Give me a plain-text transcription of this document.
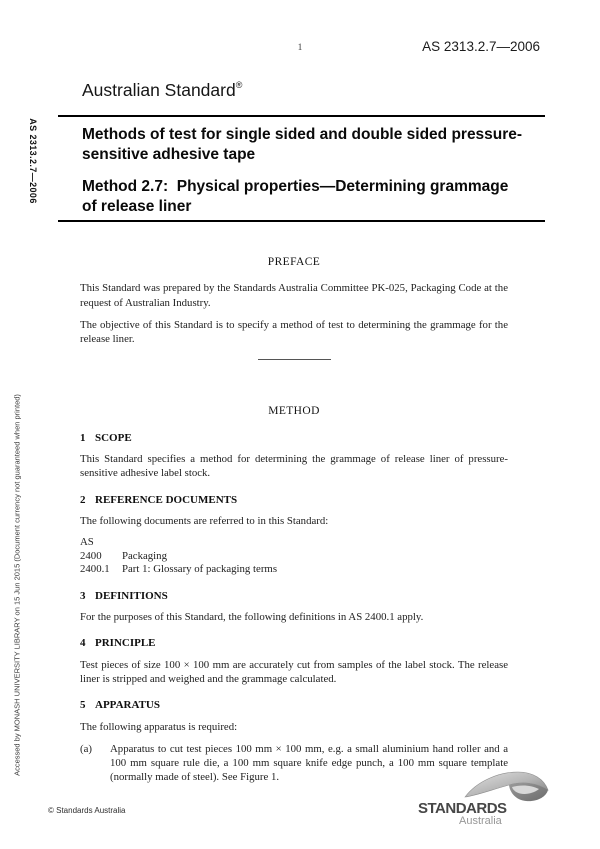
AS 2313.2.7—2006
Accessed by MONASH UNIVERSITY LIBRARY on 15 Jun 2015 (Document currency not guaranteed when printed)
1	AS 2313.2.7—2006
Australian Standard®

Methods of test for single sided and double sided pressure-sensitive adhesive tape

Method 2.7:  Physical properties—Determining grammage of release liner

PREFACE

This Standard was prepared by the Standards Australia Committee PK-025, Packaging Code at the request of Australian Industry.

The objective of this Standard is to specify a method of test to determining the grammage for the release liner.

METHOD
1 SCOPE

This Standard specifies a method for determining the grammage of release liner of pressure-sensitive adhesive label stock.

2 REFERENCE DOCUMENTS

The following documents are referred to in this Standard:

AS
2400	Packaging
2400.1	Part 1: Glossary of packaging terms
3 DEFINITIONS

For the purposes of this Standard, the following definitions in AS 2400.1 apply.

4 PRINCIPLE

Test pieces of size 100 × 100 mm are accurately cut from samples of the label stock. The release liner is stripped and weighed and the grammage calculated.

5 APPARATUS

The following apparatus is required:

(a)	Apparatus to cut test pieces 100 mm × 100 mm, e.g. a small aluminium hand roller and a 100 mm square rule die, a 100 mm square knife edge punch, a 100 mm square template (normally made of steel). See Figure 1.
© Standards Australia	STANDARDS
Australia
